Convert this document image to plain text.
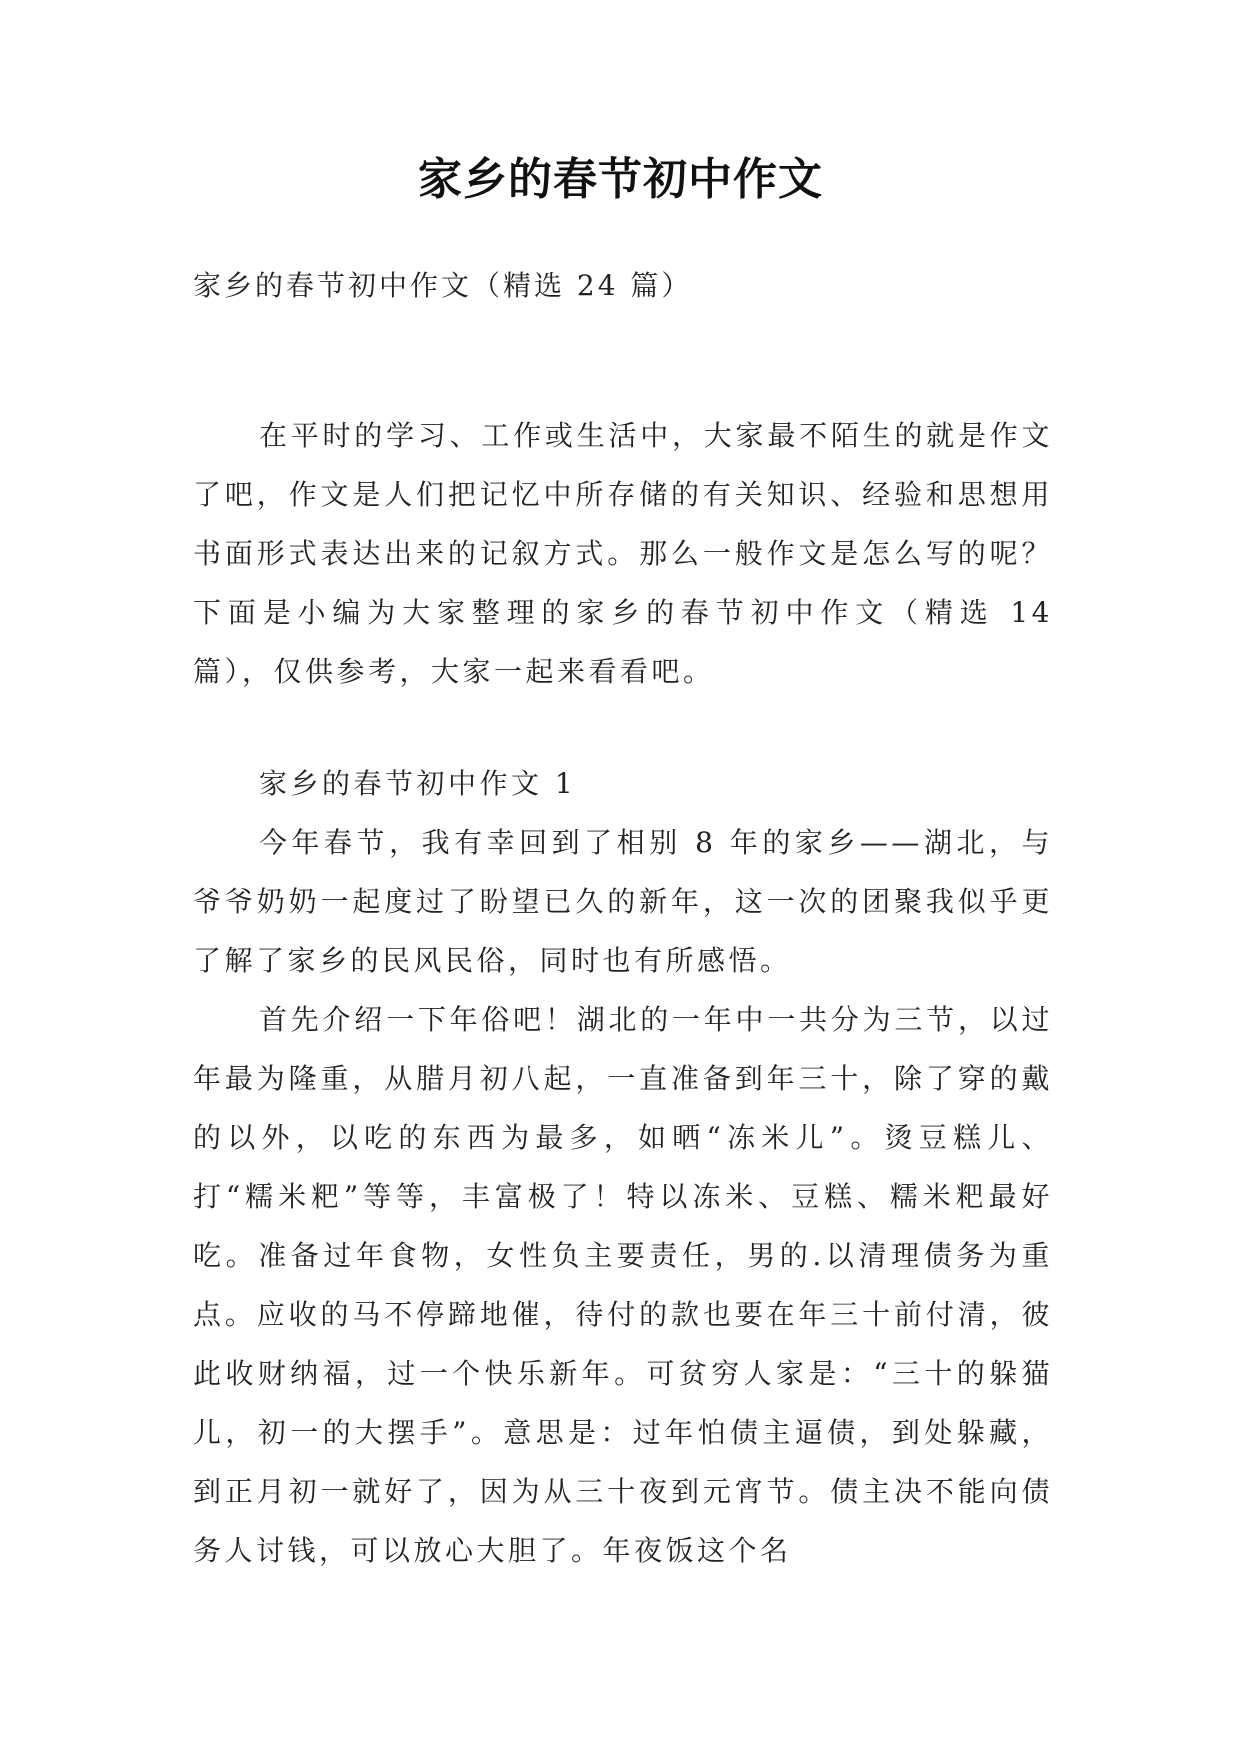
家乡的春节初中作文
家乡的春节初中作文（精选 24 篇）

在平时的学习、工作或生活中，大家最不陌生的就是作文了吧，作文是人们把记忆中所存储的有关知识、经验和思想用书面形式表达出来的记叙方式。那么一般作文是怎么写的呢？下面是小编为大家整理的家乡的春节初中作文（精选 14 篇），仅供参考，大家一起来看看吧。

家乡的春节初中作文 1

今年春节，我有幸回到了相别 8 年的家乡——湖北，与爷爷奶奶一起度过了盼望已久的新年，这一次的团聚我似乎更了解了家乡的民风民俗，同时也有所感悟。

首先介绍一下年俗吧！湖北的一年中一共分为三节，以过年最为隆重，从腊月初八起，一直准备到年三十，除了穿的戴的以外，以吃的东西为最多，如晒“冻米儿”。烫豆糕儿、打“糯米粑”等等，丰富极了！特以冻米、豆糕、糯米粑最好吃。准备过年食物，女性负主要责任，男的.以清理债务为重点。应收的马不停蹄地催，待付的款也要在年三十前付清，彼此收财纳福，过一个快乐新年。可贫穷人家是：“三十的躲猫儿，初一的大摆手”。意思是：过年怕债主逼债，到处躲藏，到正月初一就好了，因为从三十夜到元宵节。债主决不能向债务人讨钱，可以放心大胆了。年夜饭这个名
